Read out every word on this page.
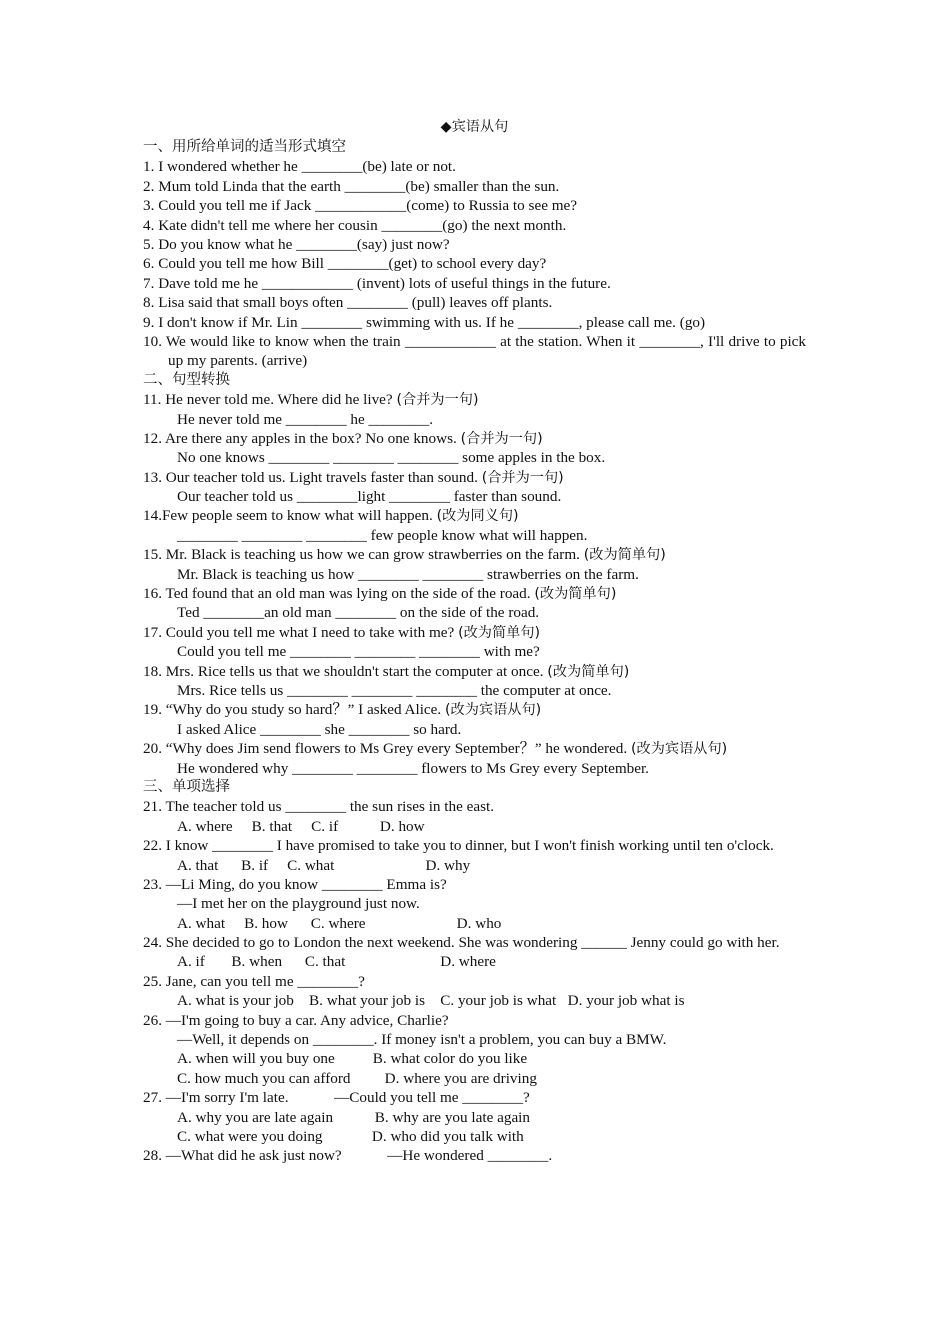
◆宾语从句
一、用所给单词的适当形式填空
1. I wondered whether he ________(be) late or not.
2. Mum told Linda that the earth ________(be) smaller than the sun.
3. Could you tell me if Jack ____________(come) to Russia to see me?
4. Kate didn't tell me where her cousin ________(go) the next month.
5. Do you know what he ________(say) just now?
6. Could you tell me how Bill ________(get) to school every day?
7. Dave told me he ____________ (invent) lots of useful things in the future.
8. Lisa said that small boys often ________ (pull) leaves off plants.
9. I don't know if Mr. Lin ________ swimming with us. If he ________, please call me. (go)
10. We would like to know when the train ____________ at the station. When it ________, I'll drive to pick up my parents. (arrive)
二、句型转换
11. He never told me. Where did he live? (合并为一句)
He never told me ________ he ________.
12. Are there any apples in the box? No one knows. (合并为一句)
No one knows ________ ________ ________ some apples in the box.
13. Our teacher told us. Light travels faster than sound. (合并为一句)
Our teacher told us ________light ________ faster than sound.
14.Few people seem to know what will happen. (改为同义句)
________ ________ ________ few people know what will happen.
15. Mr. Black is teaching us how we can grow strawberries on the farm. (改为简单句)
Mr. Black is teaching us how ________ ________ strawberries on the farm.
16. Ted found that an old man was lying on the side of the road. (改为简单句)
Ted ________an old man ________ on the side of the road.
17. Could you tell me what I need to take with me? (改为简单句)
Could you tell me ________ ________ ________ with me?
18. Mrs. Rice tells us that we shouldn't start the computer at once. (改为简单句)
Mrs. Rice tells us ________ ________ ________ the computer at once.
19. “Why do you study so hard？” I asked Alice. (改为宾语从句)
I asked Alice ________ she ________ so hard.
20. “Why does Jim send flowers to Ms Grey every September？” he wondered. (改为宾语从句)
He wondered why ________ ________ flowers to Ms Grey every September.
三、单项选择
21. The teacher told us ________ the sun rises in the east.
A. where     B. that     C. if           D. how
22. I know ________ I have promised to take you to dinner, but I won't finish working until ten o'clock.
A. that      B. if     C. what                        D. why
23. —Li Ming, do you know ________ Emma is?
—I met her on the playground just now.
A. what     B. how      C. where                        D. who
24. She decided to go to London the next weekend. She was wondering ______ Jenny could go with her.
A. if       B. when      C. that                         D. where
25. Jane, can you tell me ________?
A. what is your job    B. what your job is    C. your job is what   D. your job what is
26. —I'm going to buy a car. Any advice, Charlie?
—Well, it depends on ________. If money isn't a problem, you can buy a BMW.
A. when will you buy one          B. what color do you like
C. how much you can afford         D. where you are driving
27. —I'm sorry I'm late.            —Could you tell me ________?
A. why you are late again           B. why are you late again
C. what were you doing             D. who did you talk with
28. —What did he ask just now?            —He wondered ________.
